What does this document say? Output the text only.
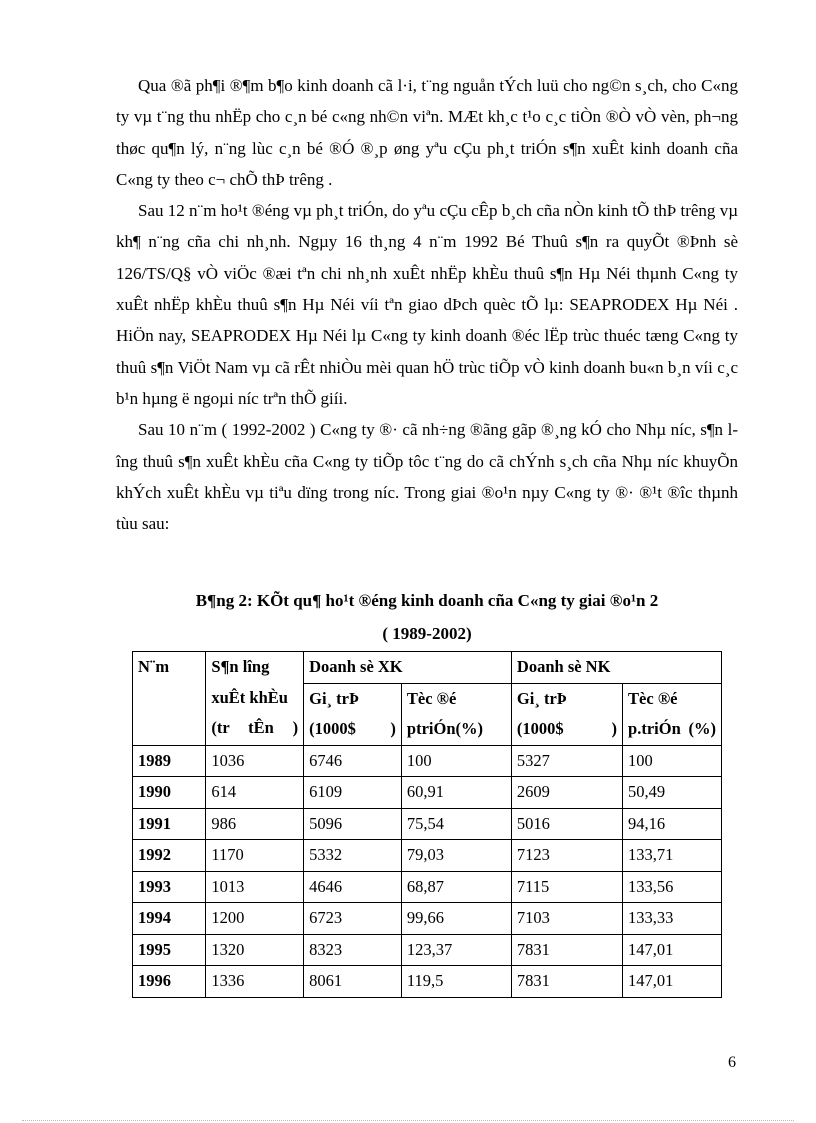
Qua ®ã ph¶i ®¶m b¶o kinh doanh cã l·i, t¨ng nguån tÝch luü cho ng©n s¸ch, cho C«ng ty vµ t¨ng thu nhËp cho c¸n bé c«ng nh©n viªn. MÆt kh¸c t¹o c¸c tiÒn ®Ò vÒ vèn, ph¬ng thøc qu¶n lý, n¨ng lùc c¸n bé ®Ó ®¸p øng yªu cÇu ph¸t triÓn s¶n xuÊt kinh doanh cña C«ng ty theo c¬ chÕ thÞ trêng .

Sau 12 n¨m ho¹t ®éng vµ ph¸t triÓn, do yªu cÇu cÊp b¸ch cña nÒn kinh tÕ thÞ trêng vµ kh¶ n¨ng cña chi nh¸nh. Ngµy 16 th¸ng 4 n¨m 1992 Bé Thuû s¶n ra quyÕt ®Þnh sè 126/TS/Q§ vÒ viÖc ®æi tªn chi nh¸nh xuÊt nhËp khÈu thuû s¶n Hµ Néi thµnh C«ng ty xuÊt nhËp khÈu thuû s¶n Hµ Néi víi tªn giao dÞch quèc tÕ lµ: SEAPRODEX Hµ Néi . HiÖn nay, SEAPRODEX Hµ Néi lµ C«ng ty kinh doanh ®éc lËp trùc thuéc tæng C«ng ty thuû s¶n ViÖt Nam vµ cã rÊt nhiÒu mèi quan hÖ trùc tiÕp vÒ kinh doanh bu«n b¸n víi c¸c b¹n hµng ë ngoµi níc trªn thÕ giíi.

Sau 10 n¨m ( 1992-2002 ) C«ng ty ®· cã nh÷ng ®ãng gãp ®¸ng kÓ cho Nhµ níc, s¶n lîng thuû s¶n xuÊt khÈu cña C«ng ty tiÕp tôc t¨ng do cã chÝnh s¸ch cña Nhµ níc khuyÕn khÝch xuÊt khÈu vµ tiªu dïng trong níc. Trong giai ®o¹n nµy C«ng ty ®· ®¹t ®îc thµnh tùu sau:

B¶ng 2: KÕt qu¶ ho¹t ®éng kinh doanh cña C«ng ty giai ®o¹n 2
( 1989-2002)
N¨m	S¶n lîng xuÊt khÈu (tr tÊn )	Doanh sè XK		Doanh sè NK	
		Gi¸ trÞ (1000$ )	Tèc ®é ptriÓn(%)	Gi¸ trÞ (1000$ )	Tèc ®é p.triÓn (%)
1989	1036	6746	100	5327	100
1990	614	6109	60,91	2609	50,49
1991	986	5096	75,54	5016	94,16
1992	1170	5332	79,03	7123	133,71
1993	1013	4646	68,87	7115	133,56
1994	1200	6723	99,66	7103	133,33
1995	1320	8323	123,37	7831	147,01
1996	1336	8061	119,5	7831	147,01
6
